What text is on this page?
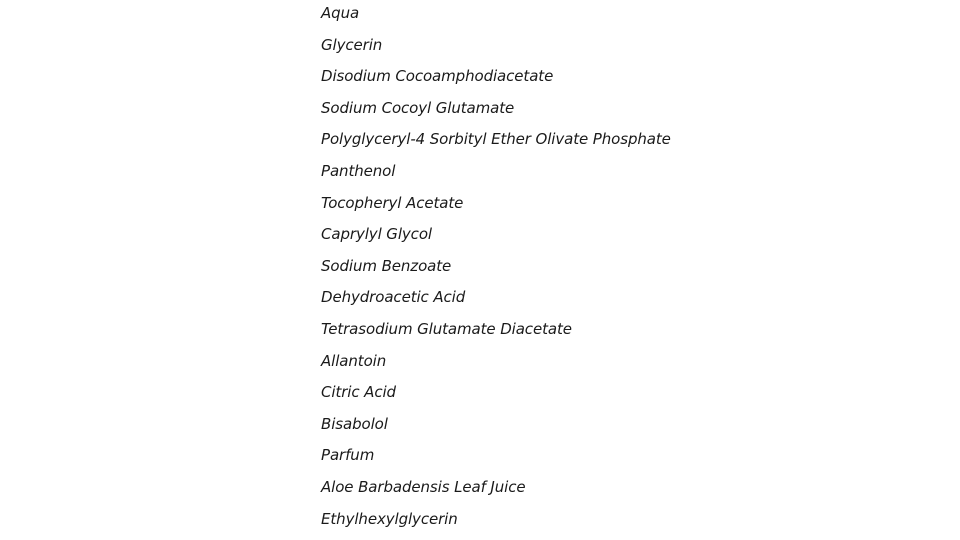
Aqua
Glycerin
Disodium Cocoamphodiacetate
Sodium Cocoyl Glutamate
Polyglyceryl-4 Sorbityl Ether Olivate Phosphate
Panthenol
Tocopheryl Acetate
Caprylyl Glycol
Sodium Benzoate
Dehydroacetic Acid
Tetrasodium Glutamate Diacetate
Allantoin
Citric Acid
Bisabolol
Parfum
Aloe Barbadensis Leaf Juice
Ethylhexylglycerin
